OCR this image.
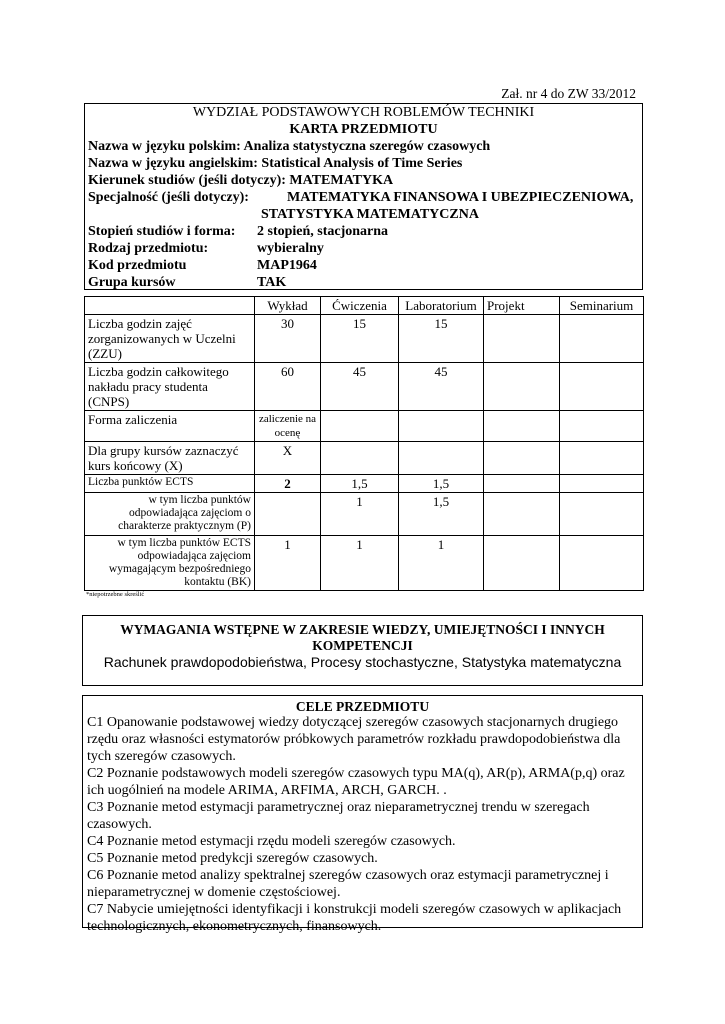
Zał. nr 4 do ZW 33/2012
WYDZIAŁ PODSTAWOWYCH ROBLEMÓW TECHNIKI
KARTA PRZEDMIOTU
Nazwa w języku polskim: Analiza statystyczna szeregów czasowych
Nazwa w języku angielskim: Statistical Analysis of Time Series
Kierunek studiów (jeśli dotyczy): MATEMATYKA
Specjalność (jeśli dotyczy):	MATEMATYKA FINANSOWA I UBEZPIECZENIOWA,
STATYSTYKA MATEMATYCZNA
Stopień studiów i forma: 2 stopień, stacjonarna
Rodzaj przedmiotu:	wybieralny
Kod przedmiotu	MAP1964
Grupa kursów	TAK
	Wykład	Ćwiczenia	Laboratorium	Projekt	Seminarium
Liczba godzin zajęć zorganizowanych w Uczelni (ZZU)	30	15	15		
Liczba godzin całkowitego nakładu pracy studenta (CNPS)	60	45	45		
Forma zaliczenia	zaliczenie na ocenę				
Dla grupy kursów zaznaczyć kurs końcowy (X)	X				
Liczba punktów ECTS	2	1,5	1,5		
w tym liczba punktów odpowiadająca zajęciom o charakterze praktycznym (P)		1	1,5		
w tym liczba punktów ECTS odpowiadająca zajęciom wymagającym bezpośredniego kontaktu (BK)	1	1	1		
*niepotrzebne skreślić
WYMAGANIA WSTĘPNE W ZAKRESIE WIEDZY, UMIEJĘTNOŚCI I INNYCH KOMPETENCJI
Rachunek prawdopodobieństwa, Procesy stochastyczne, Statystyka matematyczna
CELE PRZEDMIOTU
C1 Opanowanie podstawowej wiedzy dotyczącej szeregów czasowych stacjonarnych drugiego rzędu oraz własności estymatorów próbkowych parametrów rozkładu prawdopodobieństwa dla tych szeregów czasowych.
C2 Poznanie podstawowych modeli szeregów czasowych typu MA(q), AR(p), ARMA(p,q) oraz ich uogólnień na modele ARIMA, ARFIMA, ARCH, GARCH. .
C3 Poznanie metod estymacji parametrycznej oraz nieparametrycznej trendu w szeregach czasowych.
C4 Poznanie metod estymacji rzędu modeli szeregów czasowych.
C5 Poznanie metod predykcji szeregów czasowych.
C6 Poznanie metod analizy spektralnej szeregów czasowych oraz estymacji parametrycznej i nieparametrycznej w domenie częstościowej.
C7 Nabycie umiejętności identyfikacji i konstrukcji modeli szeregów czasowych w aplikacjach technologicznych, ekonometrycznych, finansowych.
